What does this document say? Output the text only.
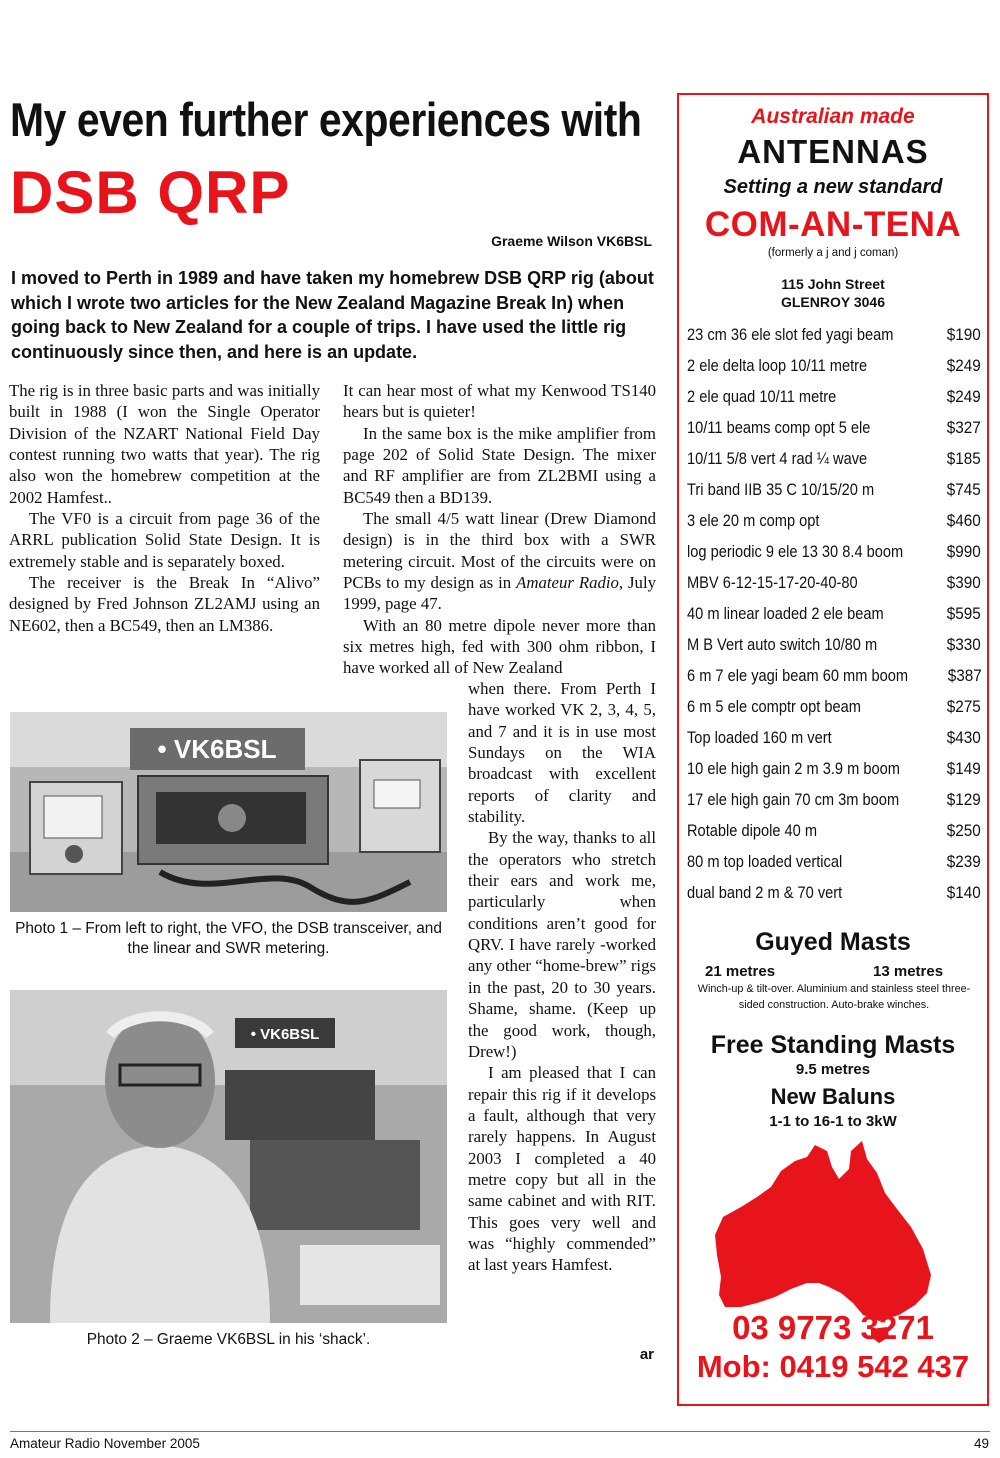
My even further experiences with
DSB QRP
Graeme Wilson VK6BSL

I moved to Perth in 1989 and have taken my homebrew DSB QRP rig (about which I wrote two articles for the New Zealand Magazine Break In) when going back to New Zealand for a couple of trips. I have used the little rig continuously since then, and here is an update.

The rig is in three basic parts and was initially built in 1988 (I won the Single Operator Division of the NZART National Field Day contest running two watts that year). The rig also won the homebrew competition at the 2002 Hamfest..

The VF0 is a circuit from page 36 of the ARRL publication Solid State Design. It is extremely stable and is separately boxed.

The receiver is the Break In “Alivo” designed by Fred Johnson ZL2AMJ using an NE602, then a BC549, then an LM386.

It can hear most of what my Kenwood TS140 hears but is quieter!

In the same box is the mike amplifier from page 202 of Solid State Design. The mixer and RF amplifier are from ZL2BMI using a BC549 then a BD139.

The small 4/5 watt linear (Drew Diamond design) is in the third box with a SWR metering circuit. Most of the circuits were on PCBs to my design as in Amateur Radio, July 1999, page 47.

With an 80 metre dipole never more than six metres high, fed with 300 ohm ribbon, I have worked all of New Zealand

when there. From Perth I have worked VK 2, 3, 4, 5, and 7 and it is in use most Sundays on the WIA broadcast with excellent reports of clarity and stability.

By the way, thanks to all the operators who stretch their ears and work me, particularly when conditions aren’t good for QRV. I have rarely -worked any other “home-brew” rigs in the past, 20 to 30 years. Shame, shame. (Keep up the good work, though, Drew!)

I am pleased that I can repair this rig if it develops a fault, although that very rarely happens. In August 2003 I completed a 40 metre copy but all in the same cabinet and with RIT. This goes very well and was “highly commended” at last years Hamfest.

• VK6BSL
Photo 1 – From left to right, the VFO, the DSB transceiver, and the linear and SWR metering.
• VK6BSL
Photo 2 – Graeme VK6BSL in his ‘shack’.
ar
Australian made
ANTENNAS
Setting a new standard
COM-AN-TENA
(formerly a j and j coman)
115 John Street
GLENROY 3046
23 cm 36 ele slot fed yagi beam	$190
2 ele delta loop 10/11 metre	$249
2 ele quad 10/11 metre	$249
10/11 beams comp opt 5 ele	$327
10/11 5/8 vert 4 rad ¼ wave	$185
Tri band IIB 35 C 10/15/20 m	$745
3 ele 20 m comp opt	$460
log periodic 9 ele 13 30 8.4 boom	$990
MBV 6-12-15-17-20-40-80	$390
40 m linear loaded 2 ele beam	$595
M B Vert auto switch 10/80 m	$330
6 m 7 ele yagi beam 60 mm boom $387
6 m 5 ele comptr opt beam	$275
Top loaded 160 m vert	$430
10 ele high gain 2 m 3.9 m boom	$149
17 ele high gain 70 cm 3m boom	$129
Rotable dipole 40 m	$250
80 m top loaded vertical	$239
dual band 2 m & 70 vert	$140
Guyed Masts
21 metres	13 metres
Winch-up & tilt-over. Aluminium and stainless steel three-sided construction. Auto-brake winches.
Free Standing Masts
9.5 metres
New Baluns
1-1 to 16-1 to 3kW
03 9773 3271
Mob: 0419 542 437
Amateur Radio November 2005	49
